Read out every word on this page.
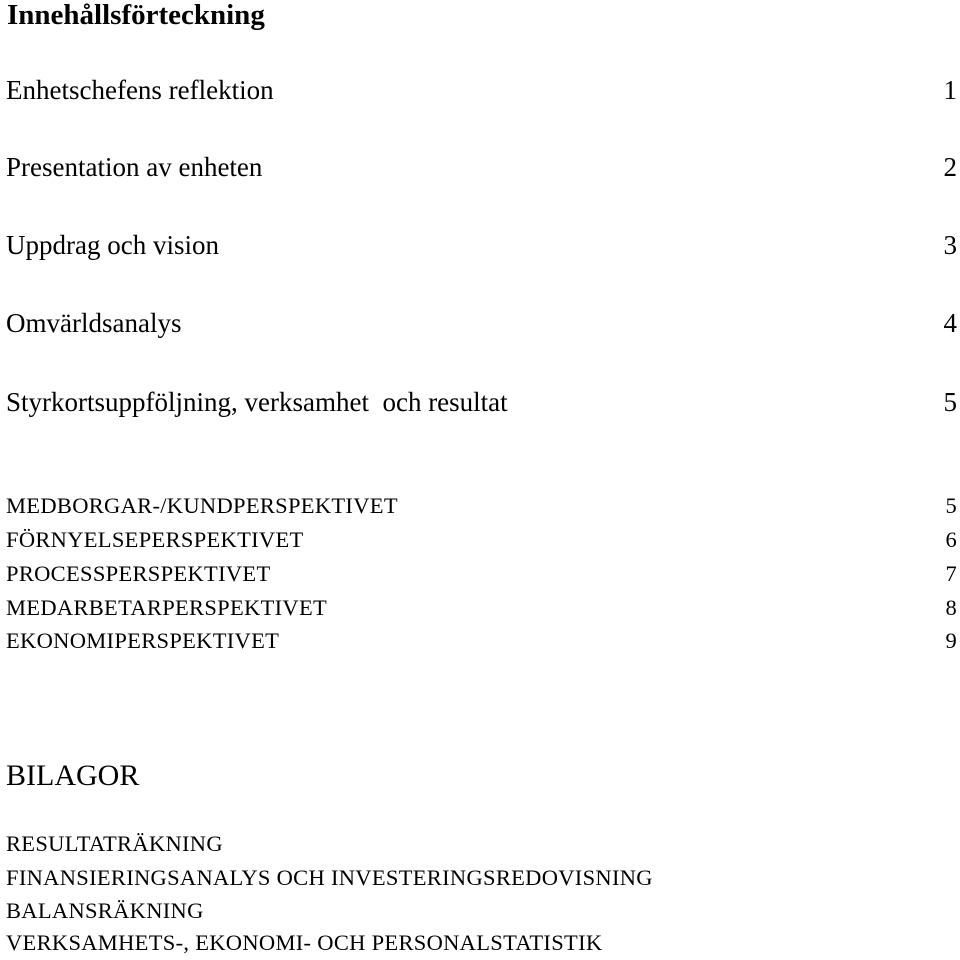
Innehållsförteckning
Enhetschefens reflektion	1
Presentation av enheten	2
Uppdrag och vision	3
Omvärldsanalys	4
Styrkortsuppföljning, verksamhet  och resultat	5
MEDBORGAR-/KUNDPERSPEKTIVET	5
FÖRNYELSEPERSPEKTIVET	6
PROCESSPERSPEKTIVET	7
MEDARBETARPERSPEKTIVET	8
EKONOMIPERSPEKTIVET	9
BILAGOR
RESULTATRÄKNING
FINANSIERINGSANALYS OCH INVESTERINGSREDOVISNING
BALANSRÄKNING
VERKSAMHETS-, EKONOMI- OCH PERSONALSTATISTIK
